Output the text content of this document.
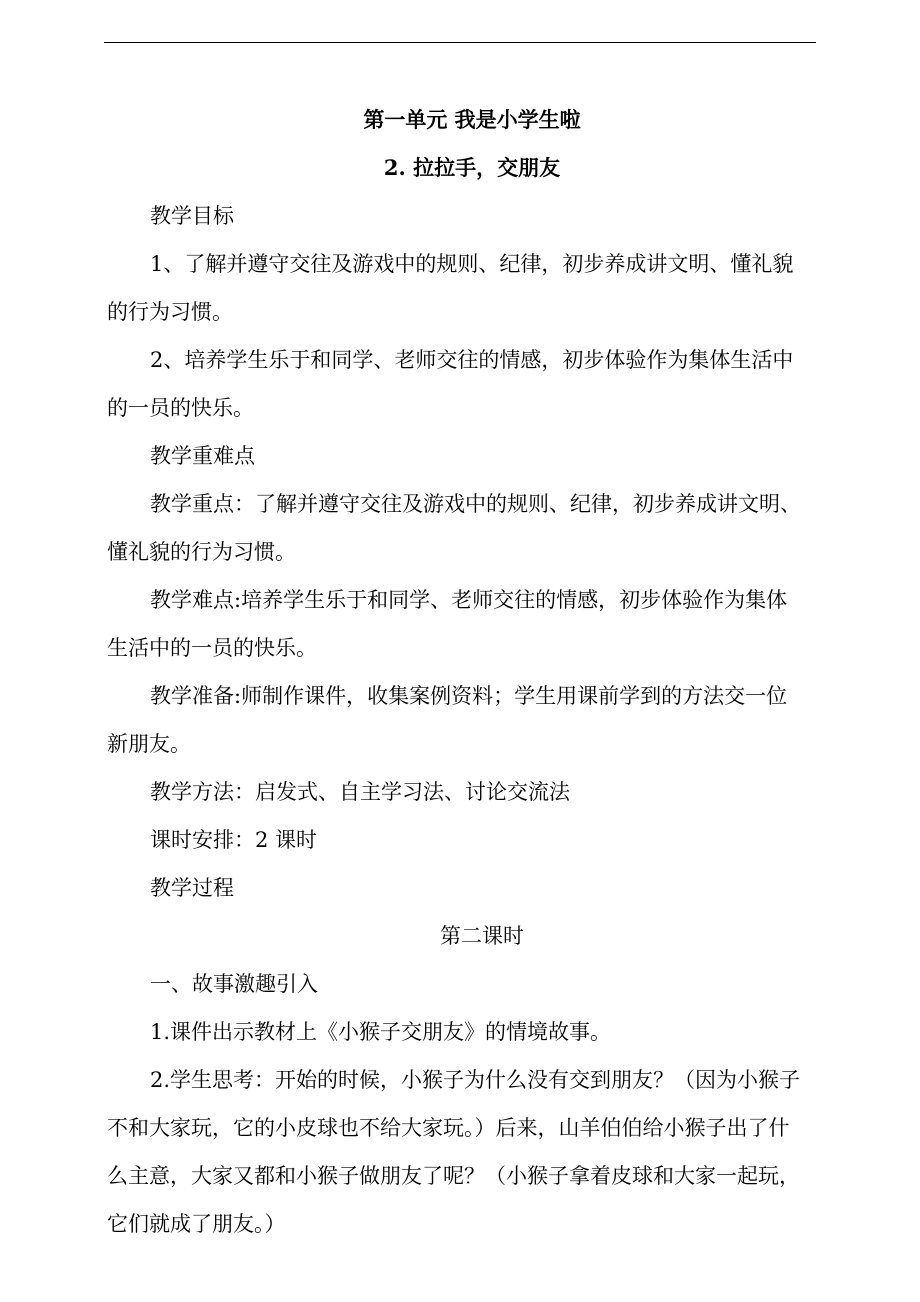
第一单元 我是小学生啦
2. 拉拉手，交朋友
教学目标
1、了解并遵守交往及游戏中的规则、纪律，初步养成讲文明、懂礼貌
的行为习惯。
2、培养学生乐于和同学、老师交往的情感，初步体验作为集体生活中
的一员的快乐。
教学重难点
教学重点：了解并遵守交往及游戏中的规则、纪律，初步养成讲文明、
懂礼貌的行为习惯。
教学难点:培养学生乐于和同学、老师交往的情感，初步体验作为集体
生活中的一员的快乐。
教学准备:师制作课件，收集案例资料；学生用课前学到的方法交一位
新朋友。
教学方法：启发式、自主学习法、讨论交流法
课时安排：2 课时
教学过程
第二课时
一、故事激趣引入
1.课件出示教材上《小猴子交朋友》的情境故事。
2.学生思考：开始的时候，小猴子为什么没有交到朋友？（因为小猴子
不和大家玩，它的小皮球也不给大家玩。）后来，山羊伯伯给小猴子出了什
么主意，大家又都和小猴子做朋友了呢？（小猴子拿着皮球和大家一起玩，
它们就成了朋友。）
